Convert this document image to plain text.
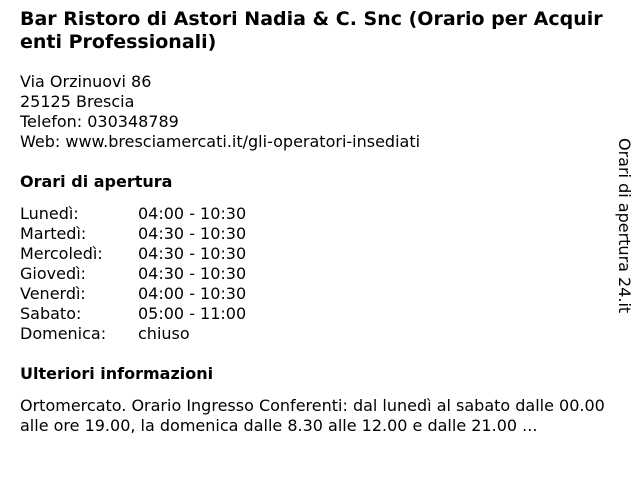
Bar Ristoro di Astori Nadia & C. Snc (Orario per Acquirenti Professionali)
Via Orzinuovi 86
25125 Brescia
Telefon: 030348789
Web: www.bresciamercati.it/gli-operatori-insediati
Orari di apertura
Lunedì:	04:00 - 10:30
Martedì:	04:30 - 10:30
Mercoledì:	04:30 - 10:30
Giovedì:	04:30 - 10:30
Venerdì:	04:00 - 10:30
Sabato:	05:00 - 11:00
Domenica:	chiuso
Ulteriori informazioni
Ortomercato. Orario Ingresso Conferenti: dal lunedì al sabato dalle 00.00 alle ore 19.00, la domenica dalle 8.30 alle 12.00 e dalle 21.00 ...
Orari di apertura 24.it
